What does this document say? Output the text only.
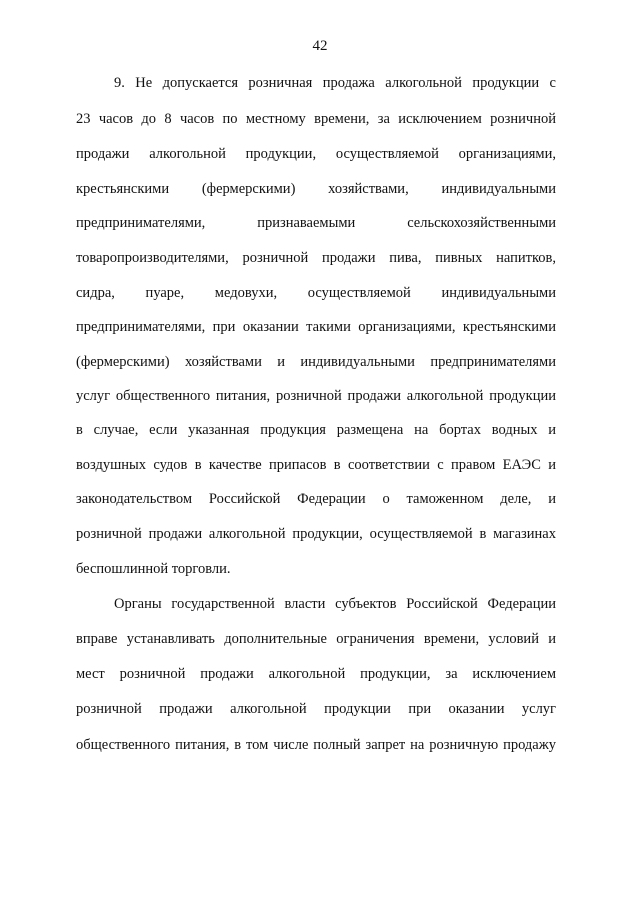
42
9. Не допускается розничная продажа алкогольной продукции с
23 часов до 8 часов по местному времени, за исключением розничной
продажи алкогольной продукции, осуществляемой организациями,
крестьянскими (фермерскими) хозяйствами, индивидуальными
предпринимателями, признаваемыми сельскохозяйственными
товаропроизводителями, розничной продажи пива, пивных напитков,
сидра, пуаре, медовухи, осуществляемой индивидуальными
предпринимателями, при оказании такими организациями, крестьянскими
(фермерскими) хозяйствами и индивидуальными предпринимателями
услуг общественного питания, розничной продажи алкогольной продукции
в случае, если указанная продукция размещена на бортах водных и
воздушных судов в качестве припасов в соответствии с правом ЕАЭС и
законодательством Российской Федерации о таможенном деле, и
розничной продажи алкогольной продукции, осуществляемой в магазинах
беспошлинной торговли.
Органы государственной власти субъектов Российской Федерации
вправе устанавливать дополнительные ограничения времени, условий и
мест розничной продажи алкогольной продукции, за исключением
розничной продажи алкогольной продукции при оказании услуг
общественного питания, в том числе полный запрет на розничную продажу
